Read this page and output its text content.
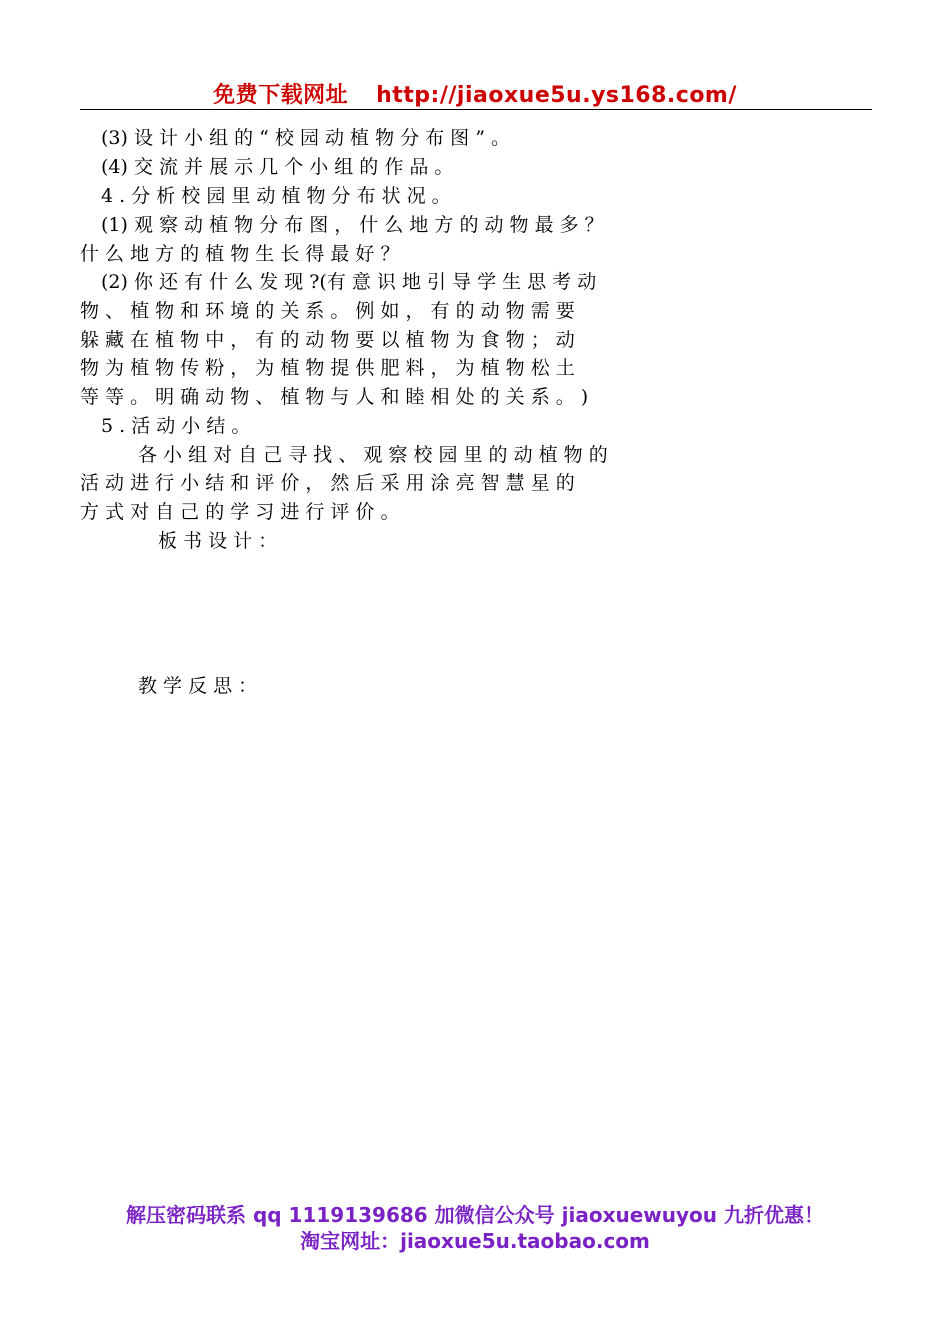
免费下载网址 http://jiaoxue5u.ys168.com/
(3) 设 计 小 组 的 “ 校 园 动 植 物 分 布 图 ” 。
(4) 交 流 并 展 示 几 个 小 组 的 作 品 。
4 . 分 析 校 园 里 动 植 物 分 布 状 况 。
(1) 观 察 动 植 物 分 布 图 ， 什 么 地 方 的 动 物 最 多 ？
什 么 地 方 的 植 物 生 长 得 最 好 ？
(2) 你 还 有 什 么 发 现 ?(有 意 识 地 引 导 学 生 思 考 动
物 、 植 物 和 环 境 的 关 系 。 例 如 ， 有 的 动 物 需 要
躲 藏 在 植 物 中 ， 有 的 动 物 要 以 植 物 为 食 物 ； 动
物 为 植 物 传 粉 ， 为 植 物 提 供 肥 料 ， 为 植 物 松 土
等 等 。 明 确 动 物 、 植 物 与 人 和 睦 相 处 的 关 系 。 )
5 . 活 动 小 结 。
各 小 组 对 自 己 寻 找 、 观 察 校 园 里 的 动 植 物 的
活 动 进 行 小 结 和 评 价 ， 然 后 采 用 涂 亮 智 慧 星 的
方 式 对 自 己 的 学 习 进 行 评 价 。
板 书 设 计 ：
教 学 反 思 ：
解压密码联系 qq 1119139686 加微信公众号 jiaoxuewuyou 九折优惠！
淘宝网址：jiaoxue5u.taobao.com
